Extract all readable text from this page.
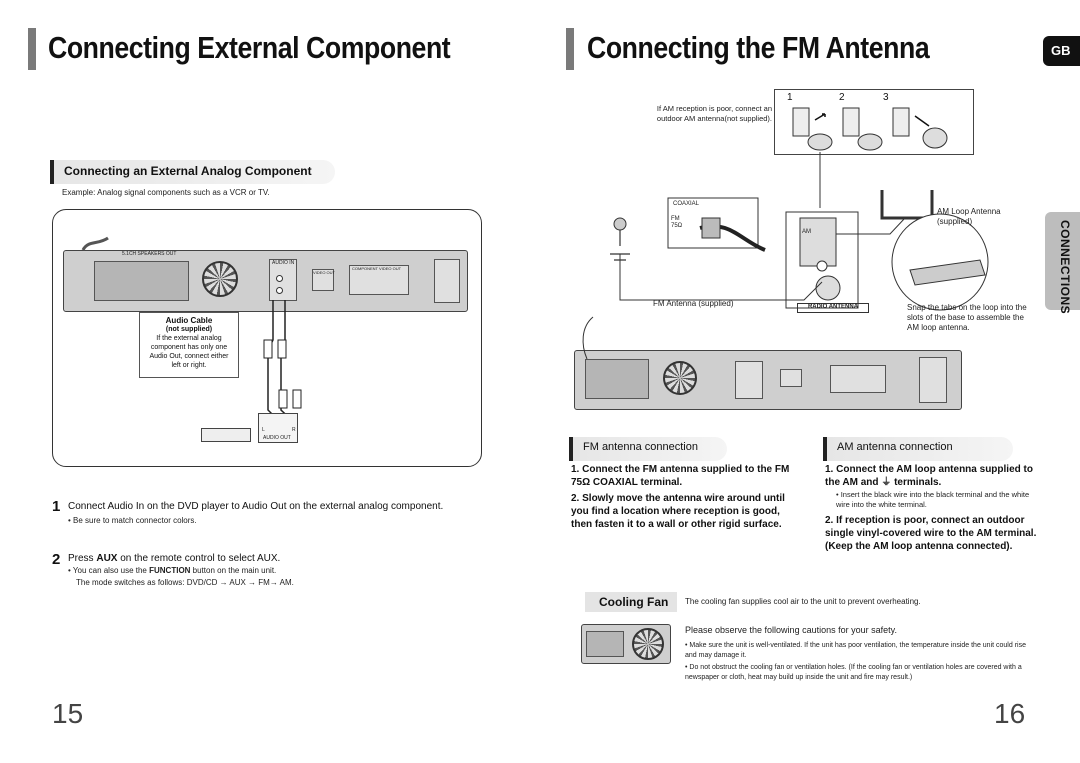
Connecting External Component
Connecting an External Analog Component
Example: Analog signal components such as a VCR or TV.
5.1CH SPEAKERS OUT
AUDIO IN
VIDEO OUT
COMPONENT VIDEO OUT
Audio Cable
(not supplied)
If the external analog component has only one Audio Out, connect either left or right.
L	R
AUDIO OUT
1 Connect Audio In on the DVD player to Audio Out on the external analog component.
• Be sure to match connector colors.
2 Press AUX on the remote control to select AUX.
• You can also use the FUNCTION button on the main unit.
The mode switches as follows: DVD/CD → AUX → FM→ AM.
15
Connecting the FM Antenna	GB
CONNECTIONS
If AM reception is poor, connect an outdoor AM antenna(not supplied).
1	2	3
COAXIAL
FM
75Ω
AM
RADIO ANTENNA
FM Antenna (supplied)
AM Loop Antenna (supplied)
Snap the tabs on the loop into the slots of the base to assemble the AM loop antenna.
FM antenna connection
1. Connect the FM antenna supplied to the FM 75Ω COAXIAL terminal.
2. Slowly move the antenna wire around until you find a location where reception is good, then fasten it to a wall or other rigid surface.
AM antenna connection
1. Connect the AM loop antenna supplied to the AM and ⏚ terminals.
• Insert the black wire into the black terminal and the white wire into the white terminal.
2. If reception is poor, connect an outdoor single vinyl-covered wire to the AM terminal. (Keep the AM loop antenna connected).
Cooling Fan	The cooling fan supplies cool air to the unit to prevent overheating.
Please observe the following cautions for your safety.
• Make sure the unit is well-ventilated. If the unit has poor ventilation, the temperature inside the unit could rise and may damage it.
• Do not obstruct the cooling fan or ventilation holes. (If the cooling fan or ventilation holes are covered with a newspaper or cloth, heat may build up inside the unit and fire may result.)
16
